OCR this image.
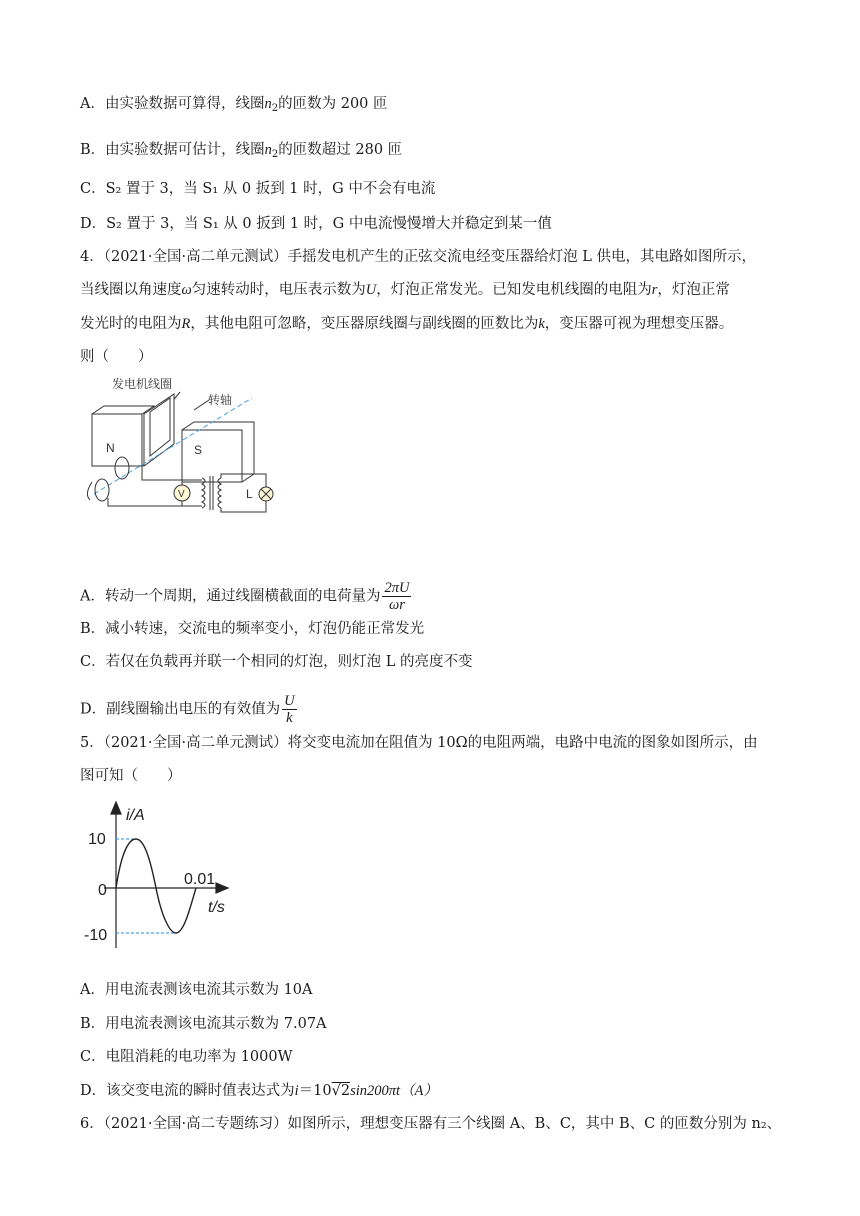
A．由实验数据可算得，线圈$n_2$的匝数为 200 匝
B．由实验数据可估计，线圈$n_2$的匝数超过 280 匝
C．S₂ 置于 3，当 S₁ 从 0 扳到 1 时，G 中不会有电流
D．S₂ 置于 3，当 S₁ 从 0 扳到 1 时，G 中电流慢慢增大并稳定到某一值
4．（2021·全国·高二单元测试）手摇发电机产生的正弦交流电经变压器给灯泡 L 供电，其电路如图所示，
当线圈以角速度ω匀速转动时，电压表示数为U，灯泡正常发光。已知发电机线圈的电阻为r，灯泡正常
发光时的电阻为R，其他电阻可忽略，变压器原线圈与副线圈的匝数比为k，变压器可视为理想变压器。
则（　　）
发电机线圈
转轴
N	S
V	L
A．转动一个周期，通过线圈横截面的电荷量为 $\frac{2\pi U}{\omega r}$
B．减小转速，交流电的频率变小，灯泡仍能正常发光
C．若仅在负载再并联一个相同的灯泡，则灯泡 L 的亮度不变
D．副线圈输出电压的有效值为 $\frac{U}{k}$
5．（2021·全国·高二单元测试）将交变电流加在阻值为 10Ω的电阻两端，电路中电流的图象如图所示，由
图可知（　　）
i/A
t/s
10
0
-10
0.01
A．用电流表测该电流其示数为 10A
B．用电流表测该电流其示数为 7.07A
C．电阻消耗的电功率为 1000W
D．该交变电流的瞬时值表达式为i＝10√2sin200πt（A）
6．（2021·全国·高二专题练习）如图所示，理想变压器有三个线圈 A、B、C，其中 B、C 的匝数分别为 n₂、
